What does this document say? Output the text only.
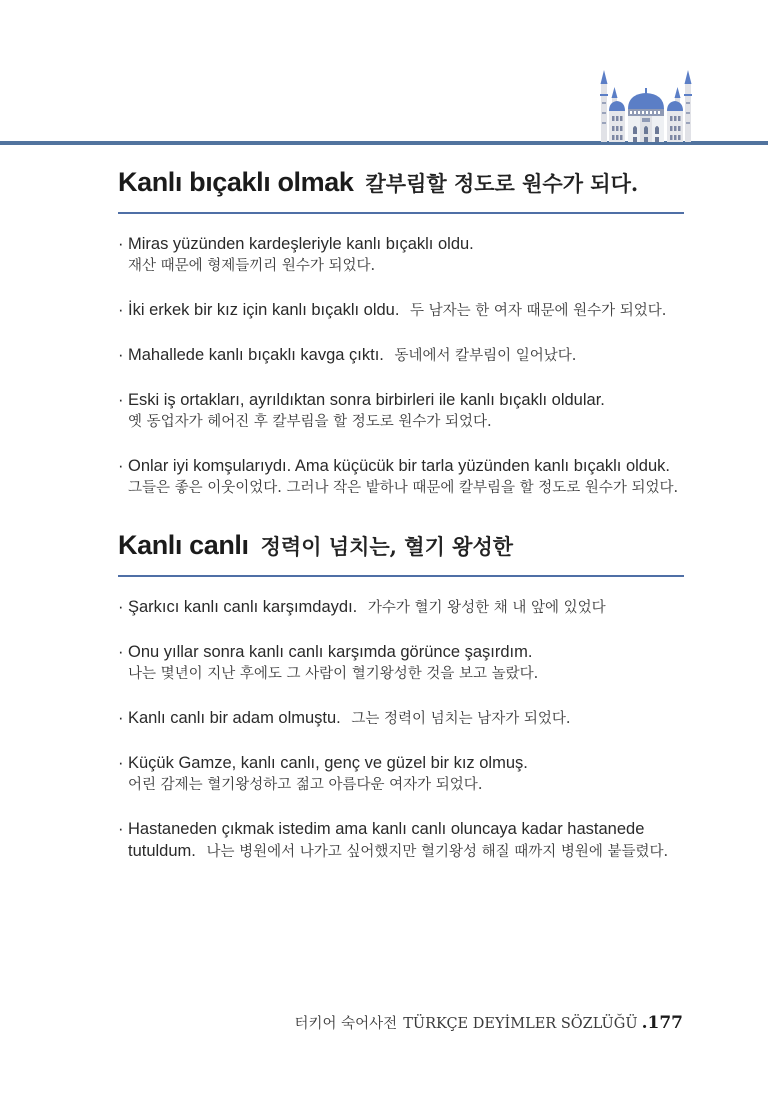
Kanlı bıçaklı olmak 칼부림할 정도로 원수가 되다.
· Miras yüzünden kardeşleriyle kanlı bıçaklı oldu.
재산 때문에 형제들끼리 원수가 되었다.
· İki erkek bir kız için kanlı bıçaklı oldu. 두 남자는 한 여자 때문에 원수가 되었다.
· Mahallede kanlı bıçaklı kavga çıktı. 동네에서 칼부림이 일어났다.
· Eski iş ortakları, ayrıldıktan sonra birbirleri ile kanlı bıçaklı oldular.
옛 동업자가 헤어진 후 칼부림을 할 정도로 원수가 되었다.
· Onlar iyi komşularıydı. Ama küçücük bir tarla yüzünden kanlı bıçaklı olduk.
그들은 좋은 이웃이었다. 그러나 작은 밭하나 때문에 칼부림을 할 정도로 원수가 되었다.
Kanlı canlı 정력이 넘치는, 혈기 왕성한
· Şarkıcı kanlı canlı karşımdaydı. 가수가 혈기 왕성한 채 내 앞에 있었다
· Onu yıllar sonra kanlı canlı karşımda görünce şaşırdım.
나는 몇년이 지난 후에도 그 사람이 혈기왕성한 것을 보고 놀랐다.
· Kanlı canlı bir adam olmuştu. 그는 정력이 넘치는 남자가 되었다.
· Küçük Gamze, kanlı canlı, genç ve güzel bir kız olmuş.
어린 감제는 혈기왕성하고 젊고 아름다운 여자가 되었다.
· Hastaneden çıkmak istedim ama kanlı canlı oluncaya kadar hastanede tutuldum. 나는 병원에서 나가고 싶어했지만 혈기왕성 해질 때까지 병원에 붙들렸다.
터키어 숙어사전 TÜRKÇE DEYİMLER SÖZLÜĞÜ .177
